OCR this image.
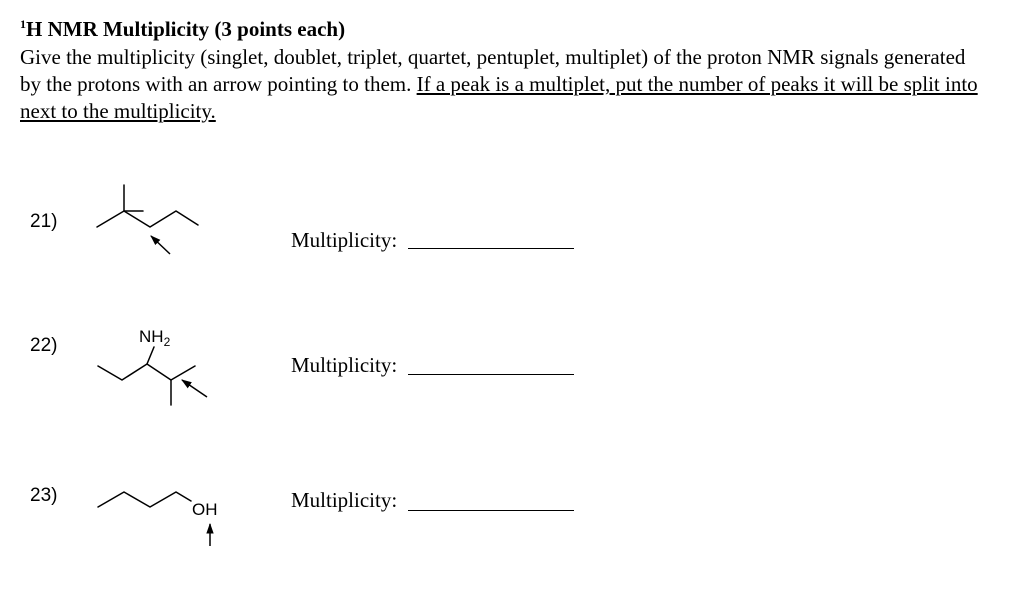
$^1$H NMR Multiplicity (3 points each)
Give the multiplicity (singlet, doublet, triplet, quartet, pentuplet, multiplet) of the proton NMR signals generated by the protons with an arrow pointing to them. If a peak is a multiplet, put the number of peaks it will be split into next to the multiplicity.
21)
Multiplicity:
22)
Multiplicity:
23)	Multiplicity:
$NH_2$
OH
